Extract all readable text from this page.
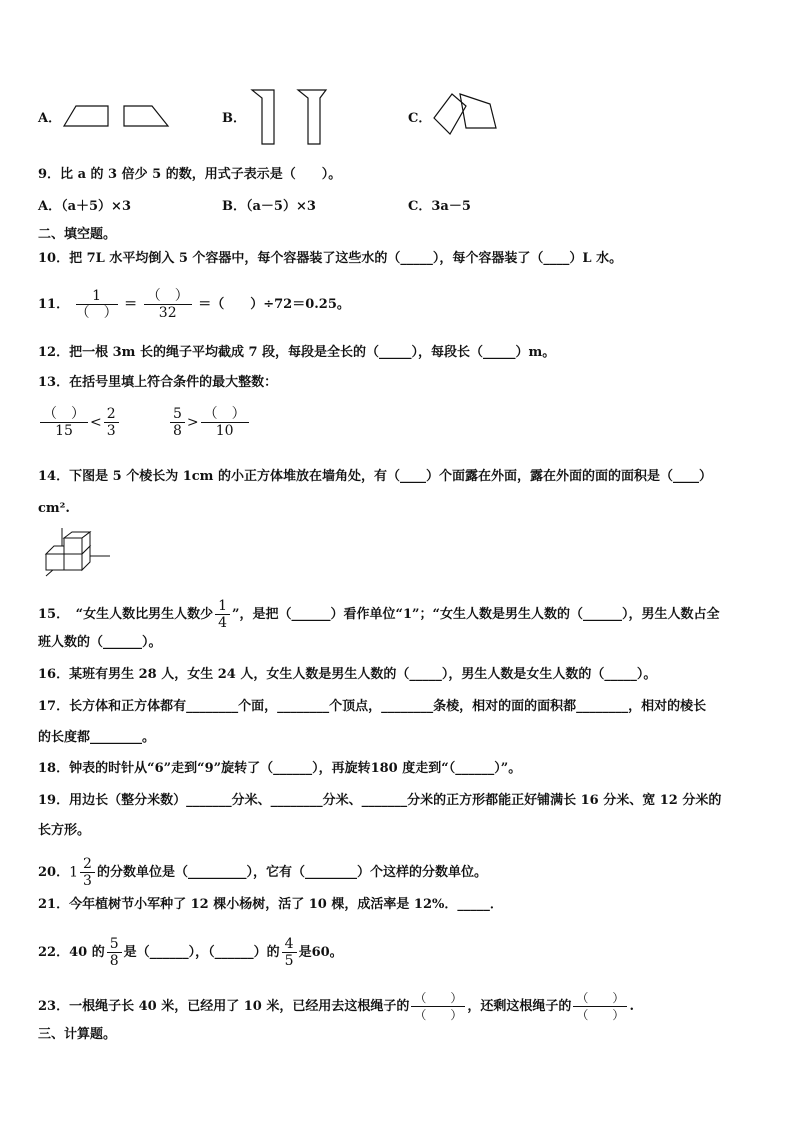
A．	B．	C．
9．比 a 的 3 倍少 5 的数，用式子表示是（　　）。
A．（a＋5）×3	B．（a－5）×3	C．3a－5
二、填空题。
10．把 7L 水平均倒入 5 个容器中，每个容器装了这些水的（_____），每个容器装了（____）L 水。
11． $\frac{1}{( )} = \frac{( )}{32}$ ＝（　　）÷72＝0.25。
12．把一根 3m 长的绳子平均截成 7 段，每段是全长的（_____），每段长（_____）m。
13．在括号里填上符合条件的最大整数：
$\frac{( )}{15} < \frac{2}{3}$	$\frac{5}{8} > \frac{( )}{10}$
14．下图是 5 个棱长为 1cm 的小正方体堆放在墙角处，有（____）个面露在外面，露在外面的面的面积是（____）
cm².
15．　“女生人数比男生人数少 $\frac{1}{4}$ ”，是把（______）看作单位“1”；“女生人数是男生人数的（______），男生人数占全
班人数的（______）。
16．某班有男生 28 人，女生 24 人，女生人数是男生人数的（_____），男生人数是女生人数的（_____）。
17．长方体和正方体都有________个面，________个顶点，________条棱，相对的面的面积都________，相对的棱长
的长度都________。
18．钟表的时针从“6”走到“9”旋转了（______），再旋转180 度走到“（______）”。
19．用边长（整分米数）_______分米、________分米、_______分米的正方形都能正好铺满长 16 分米、宽 12 分米的
长方形。
20．$1 \frac{2}{3}$ 的分数单位是（_________），它有（________）个这样的分数单位。
21．今年植树节小军种了 12 棵小杨树，活了 10 棵，成活率是 12%．_____．
22．40 的 $\frac{5}{8}$ 是（______），（______）的 $\frac{4}{5}$ 是60。
23．一根绳子长 40 米，已经用了 10 米，已经用去这根绳子的 $\frac{( )}{( )}$ ，还剩这根绳子的 $\frac{( )}{( )}$ .
三、计算题。
